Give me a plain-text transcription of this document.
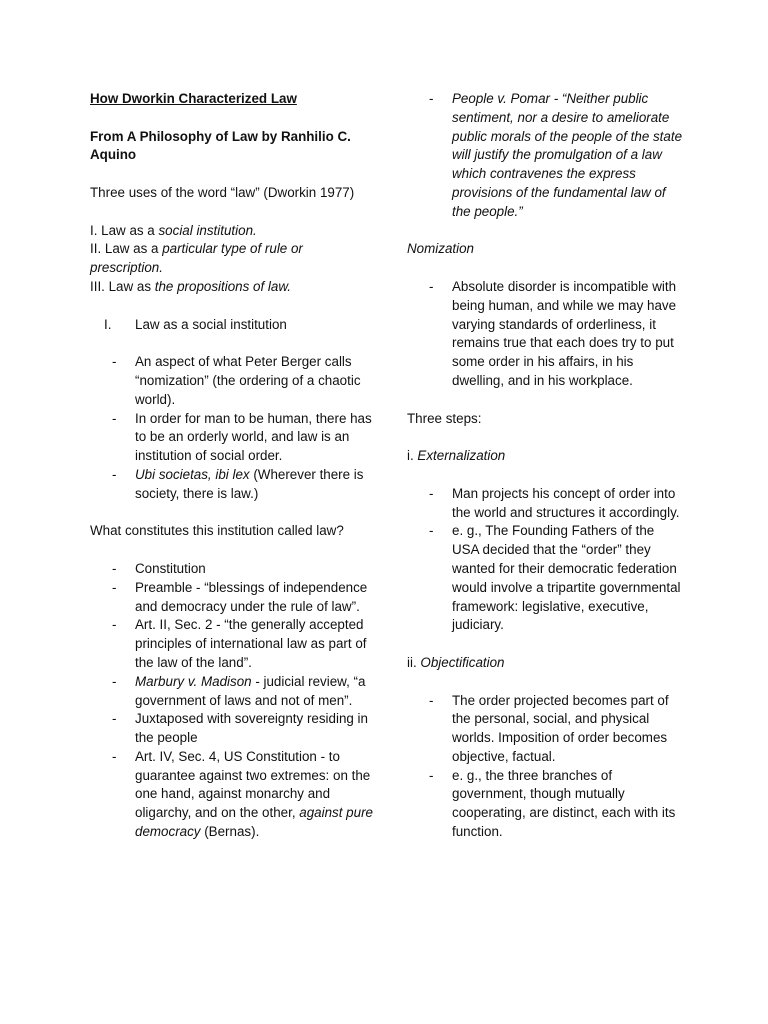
How Dworkin Characterized Law

From A Philosophy of Law by Ranhilio C. Aquino

Three uses of the word “law” (Dworkin 1977)

I. Law as a social institution.

II. Law as a particular type of rule or prescription.

III. Law as the propositions of law.

I. Law as a social institution

- An aspect of what Peter Berger calls “nomization” (the ordering of a chaotic world).
- In order for man to be human, there has to be an orderly world, and law is an institution of social order.
- Ubi societas, ibi lex (Wherever there is society, there is law.)

What constitutes this institution called law?

- Constitution
- Preamble - “blessings of independence and democracy under the rule of law”.
- Art. II, Sec. 2 - “the generally accepted principles of international law as part of the law of the land”.
- Marbury v. Madison - judicial review, “a government of laws and not of men”.
- Juxtaposed with sovereignty residing in the people
- Art. IV, Sec. 4, US Constitution - to guarantee against two extremes: on the one hand, against monarchy and oligarchy, and on the other, against pure democracy (Bernas).
- People v. Pomar - “Neither public sentiment, nor a desire to ameliorate public morals of the people of the state will justify the promulgation of a law which contravenes the express provisions of the fundamental law of the people.”

Nomization

- Absolute disorder is incompatible with being human, and while we may have varying standards of orderliness, it remains true that each does try to put some order in his affairs, in his dwelling, and in his workplace.

Three steps:

i. Externalization

- Man projects his concept of order into the world and structures it accordingly.
- e. g., The Founding Fathers of the USA decided that the “order” they wanted for their democratic federation would involve a tripartite governmental framework: legislative, executive, judiciary.

ii. Objectification

- The order projected becomes part of the personal, social, and physical worlds. Imposition of order becomes objective, factual.
- e. g., the three branches of government, though mutually cooperating, are distinct, each with its function.
